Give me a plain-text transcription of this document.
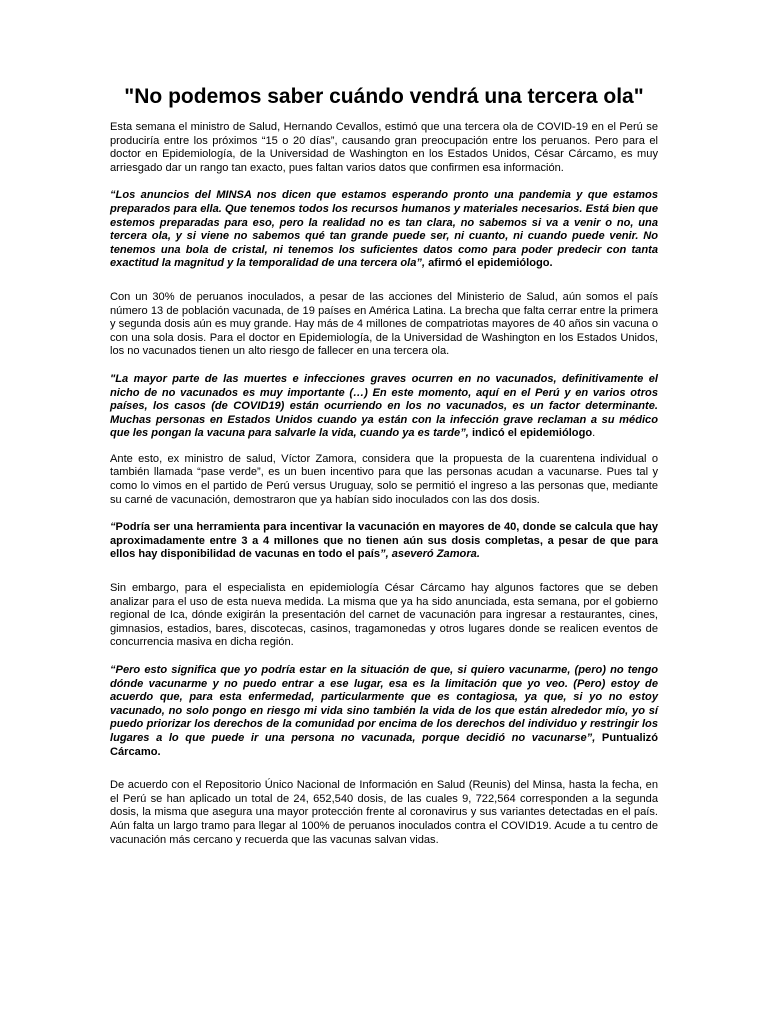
"No podemos saber cuándo vendrá una tercera ola"

Esta semana el ministro de Salud, Hernando Cevallos, estimó que una tercera ola de COVID-19 en el Perú se produciría entre los próximos “15 o 20 días”, causando gran preocupación entre los peruanos. Pero para el doctor en Epidemiología, de la Universidad de Washington en los Estados Unidos, César Cárcamo, es muy arriesgado dar un rango tan exacto, pues faltan varios datos que confirmen esa información.

“Los anuncios del MINSA nos dicen que estamos esperando pronto una pandemia y que estamos preparados para ella. Que tenemos todos los recursos humanos y materiales necesarios. Está bien que estemos preparadas para eso, pero la realidad no es tan clara, no sabemos si va a venir o no, una tercera ola, y si viene no sabemos qué tan grande puede ser, ni cuanto, ni cuando puede venir. No tenemos una bola de cristal, ni tenemos los suficientes datos como para poder predecir con tanta exactitud la magnitud y la temporalidad de una tercera ola”, afirmó el epidemiólogo.

Con un 30% de peruanos inoculados, a pesar de las acciones del Ministerio de Salud, aún somos el país número 13 de población vacunada, de 19 países en América Latina. La brecha que falta cerrar entre la primera y segunda dosis aún es muy grande. Hay más de 4 millones de compatriotas mayores de 40 años sin vacuna o con una sola dosis. Para el doctor en Epidemiología, de la Universidad de Washington en los Estados Unidos, los no vacunados tienen un alto riesgo de fallecer en una tercera ola.

"La mayor parte de las muertes e infecciones graves ocurren en no vacunados, definitivamente el nicho de no vacunados es muy importante (…) En este momento, aquí en el Perú y en varios otros países, los casos (de COVID19) están ocurriendo en los no vacunados, es un factor determinante. Muchas personas en Estados Unidos cuando ya están con la infección grave reclaman a su médico que les pongan la vacuna para salvarle la vida, cuando ya es tarde”, indicó el epidemiólogo.

Ante esto, ex ministro de salud, Víctor Zamora, considera que la propuesta de la cuarentena individual o también llamada “pase verde”, es un buen incentivo para que las personas acudan a vacunarse. Pues tal y como lo vimos en el partido de Perú versus Uruguay, solo se permitió el ingreso a las personas que, mediante su carné de vacunación, demostraron que ya habían sido inoculados con las dos dosis.

“Podría ser una herramienta para incentivar la vacunación en mayores de 40, donde se calcula que hay aproximadamente entre 3 a 4 millones que no tienen aún sus dosis completas, a pesar de que para ellos hay disponibilidad de vacunas en todo el país”, aseveró Zamora.

Sin embargo, para el especialista en epidemiología César Cárcamo hay algunos factores que se deben analizar para el uso de esta nueva medida. La misma que ya ha sido anunciada, esta semana, por el gobierno regional de Ica, dónde exigirán la presentación del carnet de vacunación para ingresar a restaurantes, cines, gimnasios, estadios, bares, discotecas, casinos, tragamonedas y otros lugares donde se realicen eventos de concurrencia masiva en dicha región.

“Pero esto significa que yo podría estar en la situación de que, si quiero vacunarme, (pero) no tengo dónde vacunarme y no puedo entrar a ese lugar, esa es la limitación que yo veo. (Pero) estoy de acuerdo que, para esta enfermedad, particularmente que es contagiosa, ya que, si yo no estoy vacunado, no solo pongo en riesgo mi vida sino también la vida de los que están alrededor mío, yo sí puedo priorizar los derechos de la comunidad por encima de los derechos del individuo y restringir los lugares a lo que puede ir una persona no vacunada, porque decidió no vacunarse”, Puntualizó Cárcamo.

De acuerdo con el Repositorio Único Nacional de Información en Salud (Reunis) del Minsa, hasta la fecha, en el Perú se han aplicado un total de 24, 652,540 dosis, de las cuales 9, 722,564 corresponden a la segunda dosis, la misma que asegura una mayor protección frente al coronavirus y sus variantes detectadas en el país. Aún falta un largo tramo para llegar al 100% de peruanos inoculados contra el COVID19. Acude a tu centro de vacunación más cercano y recuerda que las vacunas salvan vidas.
